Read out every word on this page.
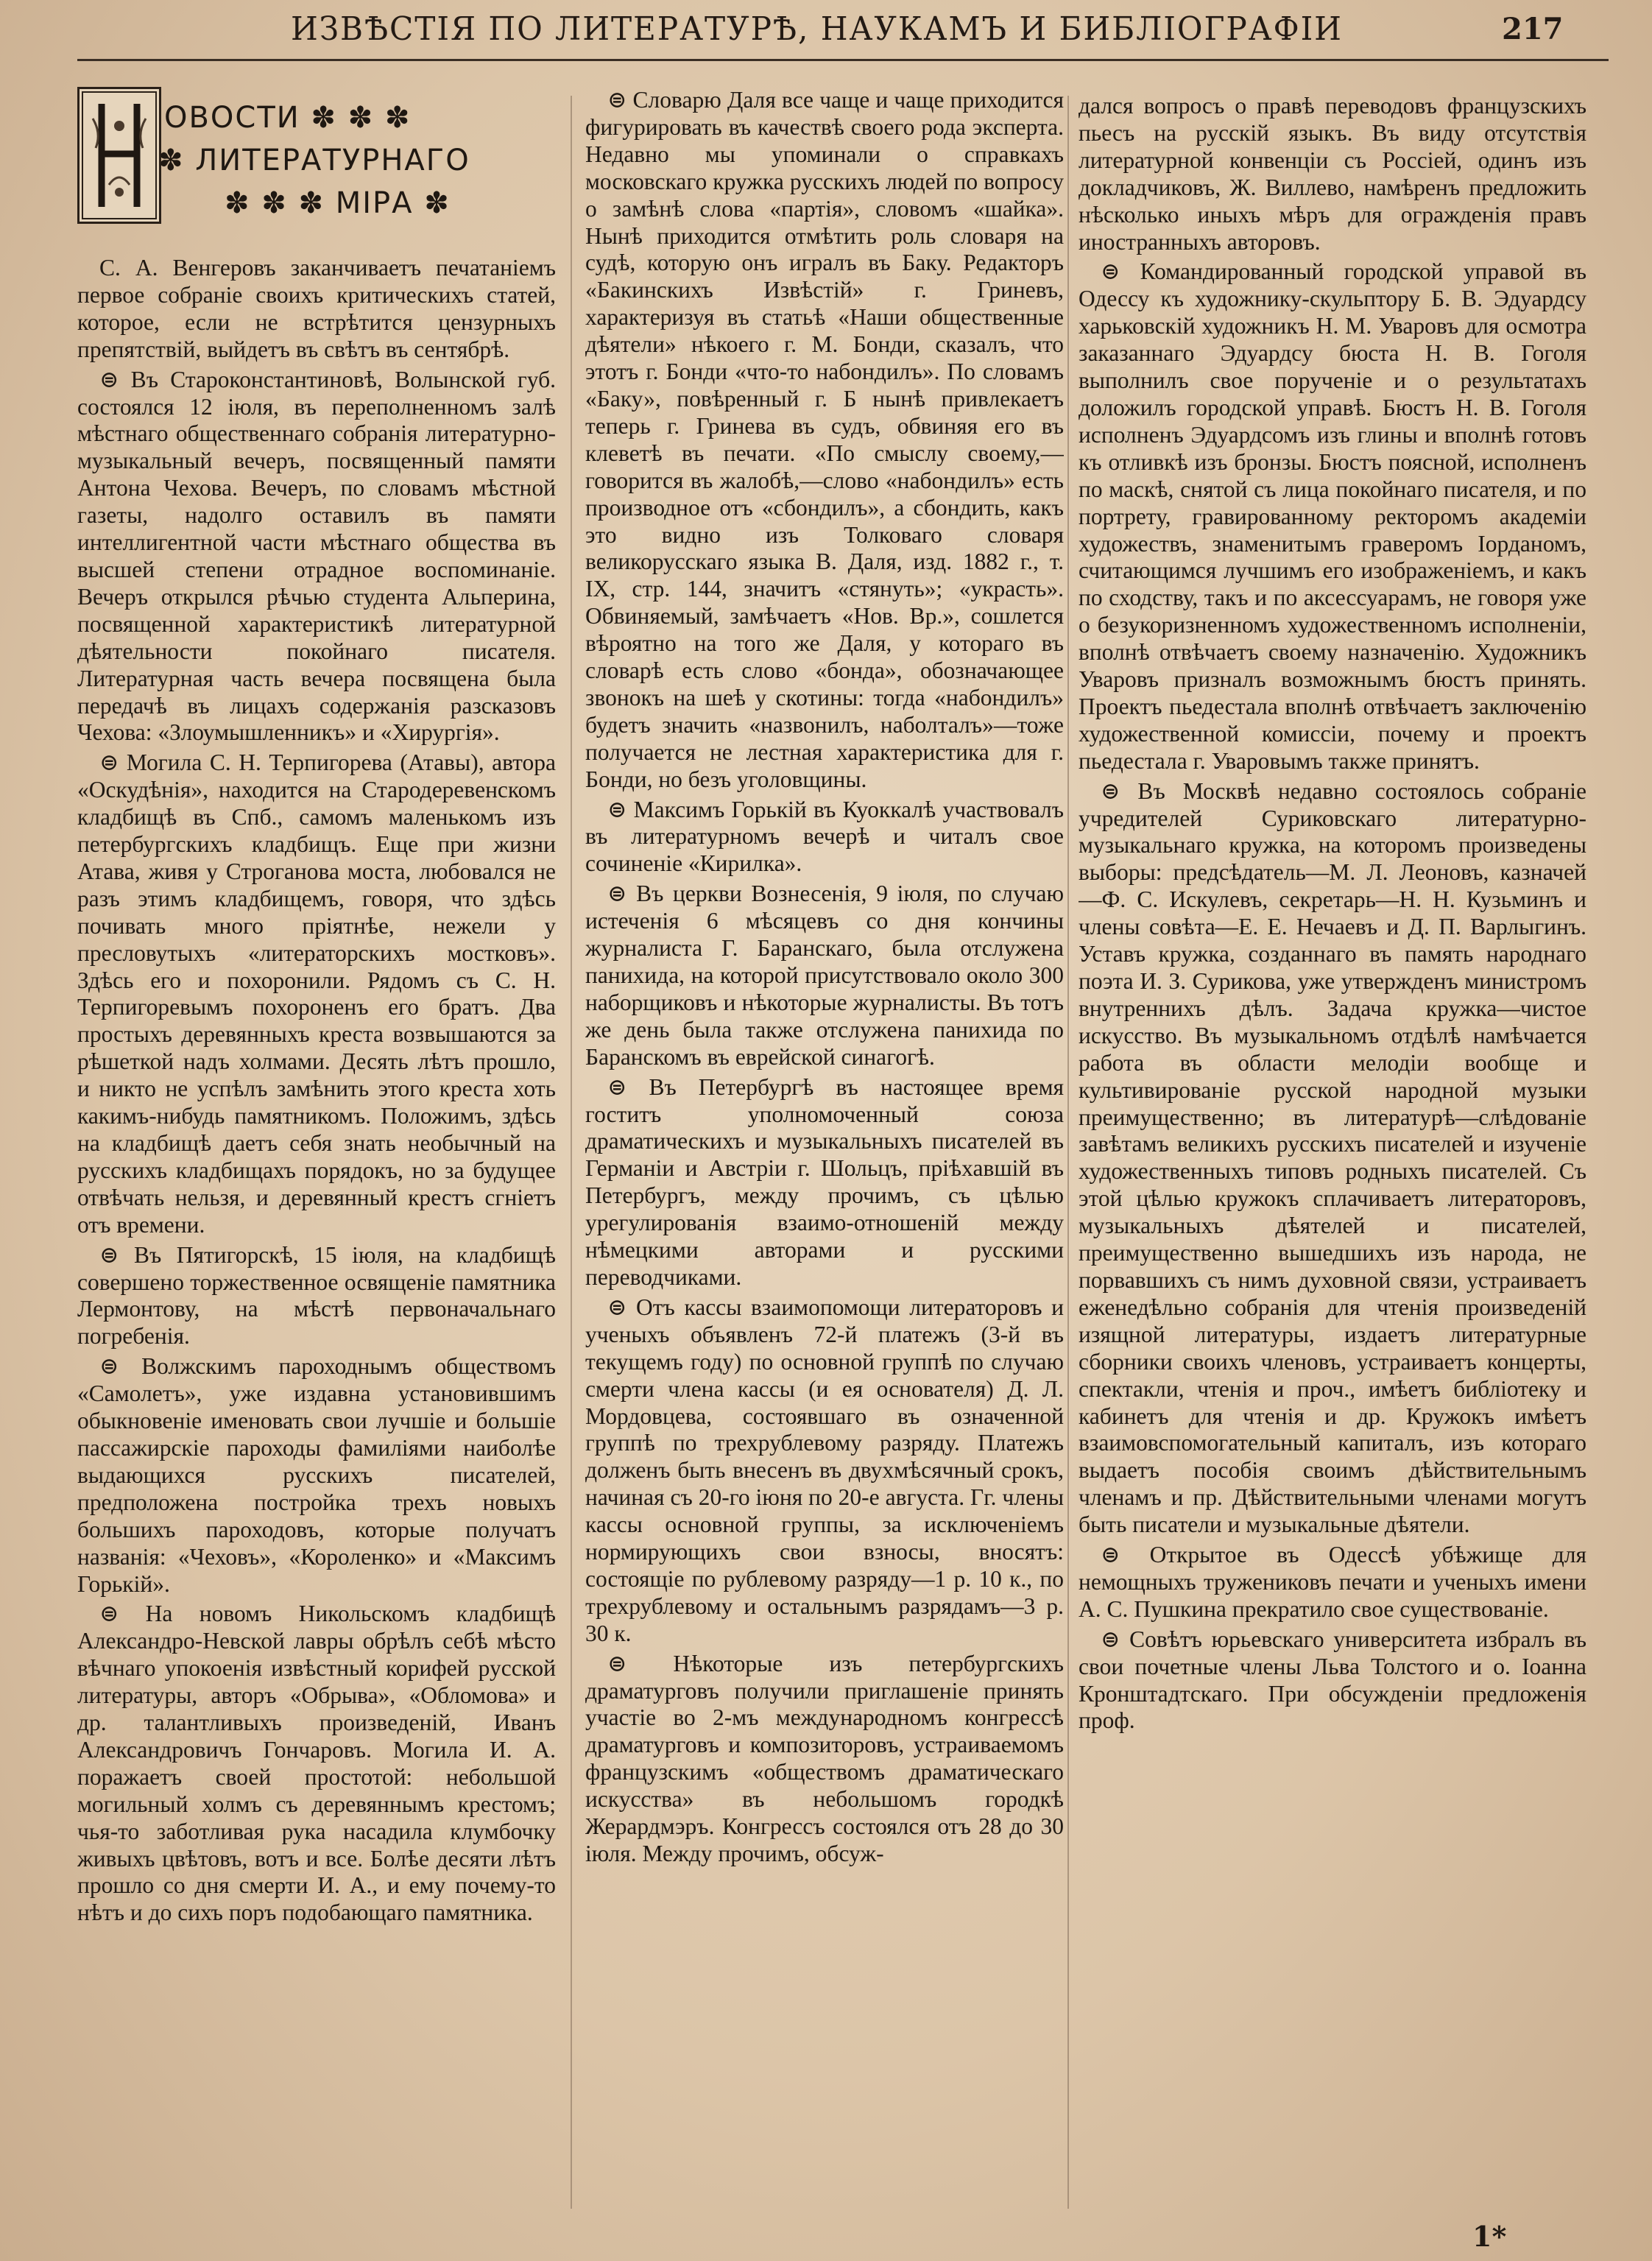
ИЗВѢСТІЯ ПО ЛИТЕРАТУРѢ, НАУКАМЪ И БИБЛІОГРАФІИ	217
ОВОСТИ ✽ ✽ ✽
✽ ЛИТЕРАТУРНАГО
✽ ✽ ✽ МІРА ✽

С. А. Венгеровъ заканчиваетъ печатаніемъ первое собраніе своихъ критическихъ статей, которое, если не встрѣтится цензурныхъ препятствій, выйдетъ въ свѣтъ въ сентябрѣ.

⊜ Въ Староконстантиновѣ, Волынской губ. состоялся 12 іюля, въ переполненномъ залѣ мѣстнаго общественнаго собранія литературно-музыкальный вечеръ, посвященный памяти Антона Чехова. Вечеръ, по словамъ мѣстной газеты, надолго оставилъ въ памяти интеллигентной части мѣстнаго общества въ высшей степени отрадное воспоминаніе. Вечеръ открылся рѣчью студента Альперина, посвященной характеристикѣ литературной дѣятельности покойнаго писателя. Литературная часть вечера посвящена была передачѣ въ лицахъ содержанія разсказовъ Чехова: «Злоумышленникъ» и «Хирургія».

⊜ Могила С. Н. Терпигорева (Атавы), автора «Оскудѣнія», находится на Стародеревенскомъ кладбищѣ въ Спб., самомъ маленькомъ изъ петербургскихъ кладбищъ. Еще при жизни Атава, живя у Строганова моста, любовался не разъ этимъ кладбищемъ, говоря, что здѣсь почивать много пріятнѣе, нежели у пресловутыхъ «литераторскихъ мостковъ». Здѣсь его и похоронили. Рядомъ съ С. Н. Терпигоревымъ похороненъ его братъ. Два простыхъ деревянныхъ креста возвышаются за рѣшеткой надъ холмами. Десять лѣтъ прошло, и никто не успѣлъ замѣнить этого креста хоть какимъ-нибудь памятникомъ. Положимъ, здѣсь на кладбищѣ даетъ себя знать необычный на русскихъ кладбищахъ порядокъ, но за будущее отвѣчать нельзя, и деревянный крестъ сгніетъ отъ времени.

⊜ Въ Пятигорскѣ, 15 іюля, на кладбищѣ совершено торжественное освященіе памятника Лермонтову, на мѣстѣ первоначальнаго погребенія.

⊜ Волжскимъ пароходнымъ обществомъ «Самолетъ», уже издавна установившимъ обыкновеніе именовать свои лучшіе и большіе пассажирскіе пароходы фамиліями наиболѣе выдающихся русскихъ писателей, предположена постройка трехъ новыхъ большихъ пароходовъ, которые получатъ названія: «Чеховъ», «Короленко» и «Максимъ Горькій».

⊜ На новомъ Никольскомъ кладбищѣ Александро-Невской лавры обрѣлъ себѣ мѣсто вѣчнаго упокоенія извѣстный корифей русской литературы, авторъ «Обрыва», «Обломова» и др. талантливыхъ произведеній, Иванъ Александровичъ Гончаровъ. Могила И. А. поражаетъ своей простотой: небольшой могильный холмъ съ деревяннымъ крестомъ; чья-то заботливая рука насадила клумбочку живыхъ цвѣтовъ, вотъ и все. Болѣе десяти лѣтъ прошло со дня смерти И. А., и ему почему-то нѣтъ и до сихъ поръ подобающаго памятника.

⊜ Словарю Даля все чаще и чаще приходится фигурировать въ качествѣ своего рода эксперта. Недавно мы упоминали о справкахъ московскаго кружка русскихъ людей по вопросу о замѣнѣ слова «партія», словомъ «шайка». Нынѣ приходится отмѣтить роль словаря на судѣ, которую онъ игралъ въ Баку. Редакторъ «Бакинскихъ Извѣстій» г. Гриневъ, характеризуя въ статьѣ «Наши общественные дѣятели» нѣкоего г. М. Бонди, сказалъ, что этотъ г. Бонди «что-то набондилъ». По словамъ «Баку», повѣренный г. Б нынѣ привлекаетъ теперь г. Гринева въ судъ, обвиняя его въ клеветѣ въ печати. «По смыслу своему,—говорится въ жалобѣ,—слово «набондилъ» есть производное отъ «сбондилъ», а сбондить, какъ это видно изъ Толковаго словаря великорусскаго языка В. Даля, изд. 1882 г., т. IX, стр. 144, значитъ «стянуть»; «украсть». Обвиняемый, замѣчаетъ «Нов. Вр.», сошлется вѣроятно на того же Даля, у котораго въ словарѣ есть слово «бонда», обозначающее звонокъ на шеѣ у скотины: тогда «набондилъ» будетъ значить «назвонилъ, наболталъ»—тоже получается не лестная характеристика для г. Бонди, но безъ уголовщины.

⊜ Максимъ Горькій въ Куоккалѣ участвовалъ въ литературномъ вечерѣ и читалъ свое сочиненіе «Кирилка».

⊜ Въ церкви Вознесенія, 9 іюля, по случаю истеченія 6 мѣсяцевъ со дня кончины журналиста Г. Баранскаго, была отслужена панихида, на которой присутствовало около 300 наборщиковъ и нѣкоторые журналисты. Въ тотъ же день была также отслужена панихида по Баранскомъ въ еврейской синагогѣ.

⊜ Въ Петербургѣ въ настоящее время гоститъ уполномоченный союза драматическихъ и музыкальныхъ писателей въ Германіи и Австріи г. Шольцъ, пріѣхавшій въ Петербургъ, между прочимъ, съ цѣлью урегулированія взаимо-отношеній между нѣмецкими авторами и русскими переводчиками.

⊜ Отъ кассы взаимопомощи литераторовъ и ученыхъ объявленъ 72-й платежъ (3-й въ текущемъ году) по основной группѣ по случаю смерти члена кассы (и ея основателя) Д. Л. Мордовцева, состоявшаго въ означенной группѣ по трехрублевому разряду. Платежъ долженъ быть внесенъ въ двухмѣсячный срокъ, начиная съ 20-го іюня по 20-е августа. Гг. члены кассы основной группы, за исключеніемъ нормирующихъ свои взносы, вносятъ: состоящіе по рублевому разряду—1 р. 10 к., по трехрублевому и остальнымъ разрядамъ—3 р. 30 к.

⊜ Нѣкоторые изъ петербургскихъ драматурговъ получили приглашеніе принять участіе во 2-мъ международномъ конгрессѣ драматурговъ и композиторовъ, устраиваемомъ французскимъ «обществомъ драматическаго искусства» въ небольшомъ городкѣ Жерардмэръ. Конгрессъ состоялся отъ 28 до 30 іюля. Между прочимъ, обсуж-

дался вопросъ о правѣ переводовъ французскихъ пьесъ на русскій языкъ. Въ виду отсутствія литературной конвенціи съ Россіей, одинъ изъ докладчиковъ, Ж. Виллево, намѣренъ предложить нѣсколько иныхъ мѣръ для огражденія правъ иностранныхъ авторовъ.

⊜ Командированный городской управой въ Одессу къ художнику-скульптору Б. В. Эдуардсу харьковскій художникъ Н. М. Уваровъ для осмотра заказаннаго Эдуардсу бюста Н. В. Гоголя выполнилъ свое порученіе и о результатахъ доложилъ городской управѣ. Бюстъ Н. В. Гоголя исполненъ Эдуардсомъ изъ глины и вполнѣ готовъ къ отливкѣ изъ бронзы. Бюстъ поясной, исполненъ по маскѣ, снятой съ лица покойнаго писателя, и по портрету, гравированному ректоромъ академіи художествъ, знаменитымъ граверомъ Іорданомъ, считающимся лучшимъ его изображеніемъ, и какъ по сходству, такъ и по аксессуарамъ, не говоря уже о безукоризненномъ художественномъ исполненіи, вполнѣ отвѣчаетъ своему назначенію. Художникъ Уваровъ призналъ возможнымъ бюстъ принять. Проектъ пьедестала вполнѣ отвѣчаетъ заключенію художественной комиссіи, почему и проектъ пьедестала г. Уваровымъ также принятъ.

⊜ Въ Москвѣ недавно состоялось собраніе учредителей Суриковскаго литературно-музыкальнаго кружка, на которомъ произведены выборы: предсѣдатель—М. Л. Леоновъ, казначей—Ф. С. Искулевъ, секретарь—Н. Н. Кузьминъ и члены совѣта—Е. Е. Нечаевъ и Д. П. Варлыгинъ. Уставъ кружка, созданнаго въ память народнаго поэта И. З. Сурикова, уже утвержденъ министромъ внутреннихъ дѣлъ. Задача кружка—чистое искусство. Въ музыкальномъ отдѣлѣ намѣчается работа въ области мелодіи вообще и культивированіе русской народной музыки преимущественно; въ литературѣ—слѣдованіе завѣтамъ великихъ русскихъ писателей и изученіе художественныхъ типовъ родныхъ писателей. Съ этой цѣлью кружокъ сплачиваетъ литераторовъ, музыкальныхъ дѣятелей и писателей, преимущественно вышедшихъ изъ народа, не порвавшихъ съ нимъ духовной связи, устраиваетъ еженедѣльно собранія для чтенія произведеній изящной литературы, издаетъ литературные сборники своихъ членовъ, устраиваетъ концерты, спектакли, чтенія и проч., имѣетъ библіотеку и кабинетъ для чтенія и др. Кружокъ имѣетъ взаимовспомогательный капиталъ, изъ котораго выдаетъ пособія своимъ дѣйствительнымъ членамъ и пр. Дѣйствительными членами могутъ быть писатели и музыкальные дѣятели.

⊜ Открытое въ Одессѣ убѣжище для немощныхъ тружениковъ печати и ученыхъ имени А. С. Пушкина прекратило свое существованіе.

⊜ Совѣтъ юрьевскаго университета избралъ въ свои почетные члены Льва Толстого и о. Іоанна Кронштадтскаго. При обсужденіи предложенія проф.

1*
